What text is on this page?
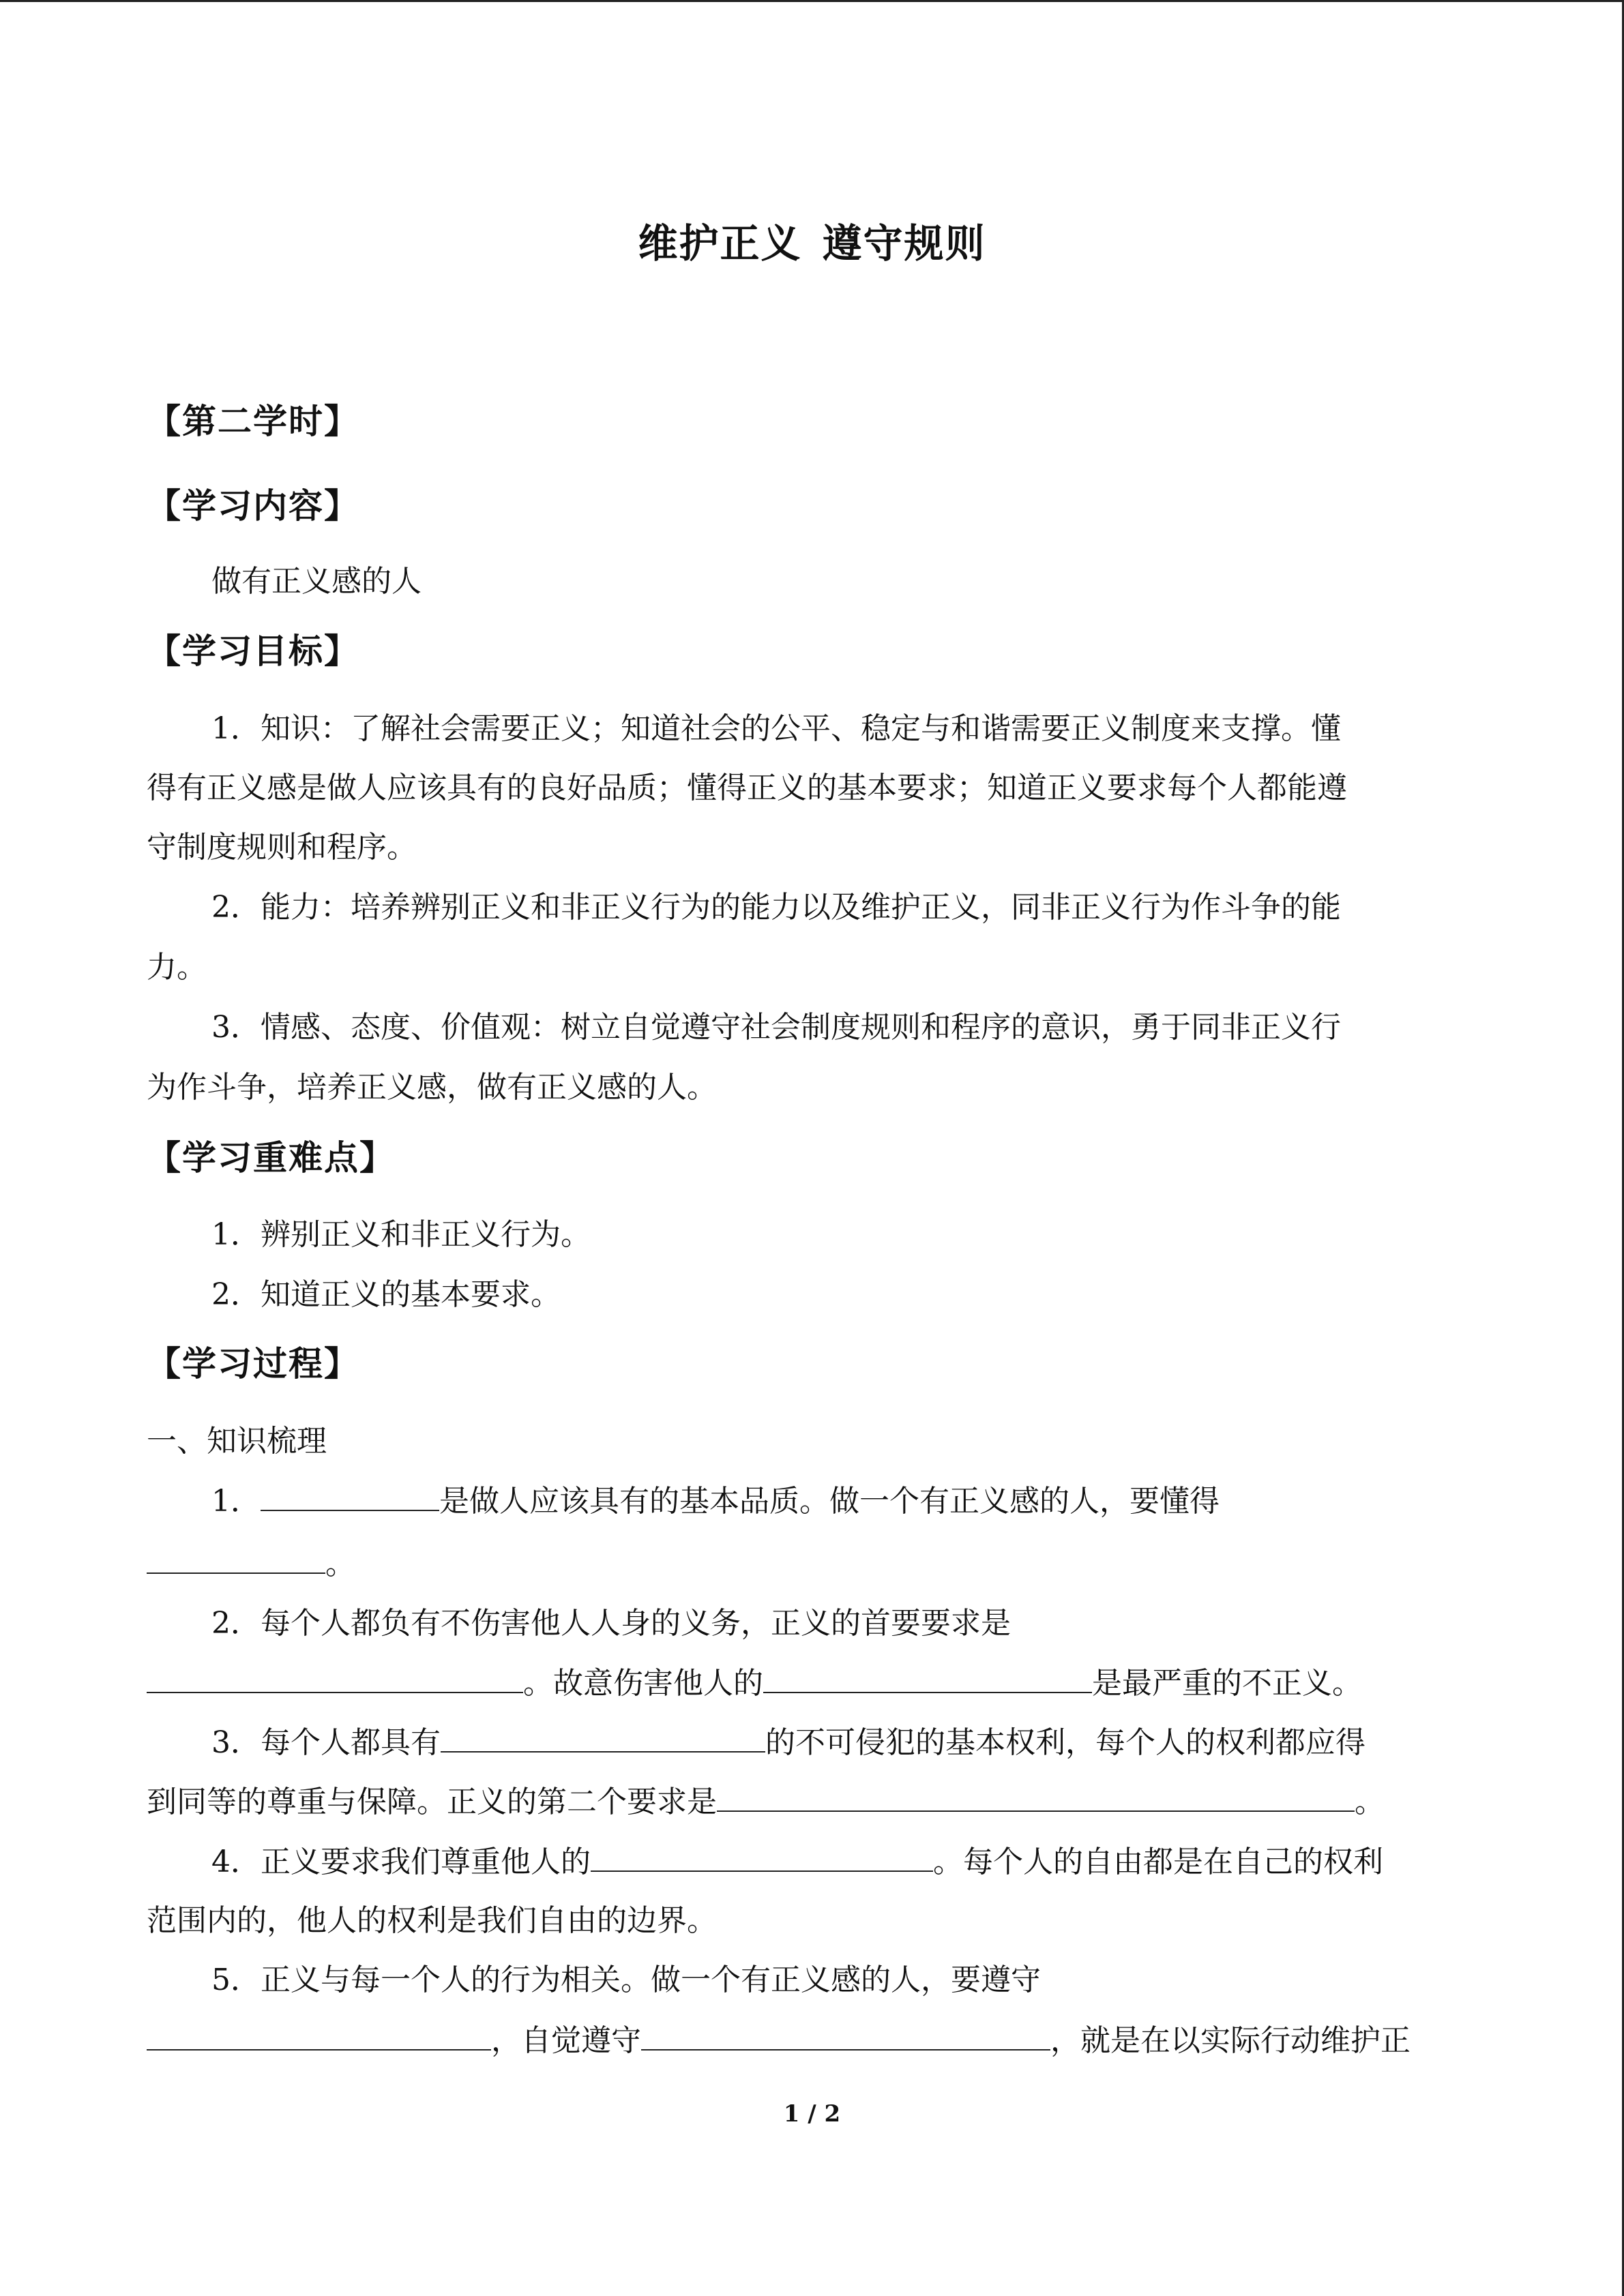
维护正义 遵守规则
【第二学时】
【学习内容】
做有正义感的人
【学习目标】
1．知识：了解社会需要正义；知道社会的公平、稳定与和谐需要正义制度来支撑。懂
得有正义感是做人应该具有的良好品质；懂得正义的基本要求；知道正义要求每个人都能遵
守制度规则和程序。
2．能力：培养辨别正义和非正义行为的能力以及维护正义，同非正义行为作斗争的能
力。
3．情感、态度、价值观：树立自觉遵守社会制度规则和程序的意识，勇于同非正义行
为作斗争，培养正义感，做有正义感的人。
【学习重难点】
1．辨别正义和非正义行为。
2．知道正义的基本要求。
【学习过程】
一、知识梳理
1．	是做人应该具有的基本品质。做一个有正义感的人，要懂得
。
2．每个人都负有不伤害他人人身的义务，正义的首要要求是
。故意伤害他人的	是最严重的不正义。
3．每个人都具有	的不可侵犯的基本权利，每个人的权利都应得
到同等的尊重与保障。正义的第二个要求是	。
4．正义要求我们尊重他人的	。每个人的自由都是在自己的权利
范围内的，他人的权利是我们自由的边界。
5．正义与每一个人的行为相关。做一个有正义感的人，要遵守
，自觉遵守	，就是在以实际行动维护正
1 / 2
